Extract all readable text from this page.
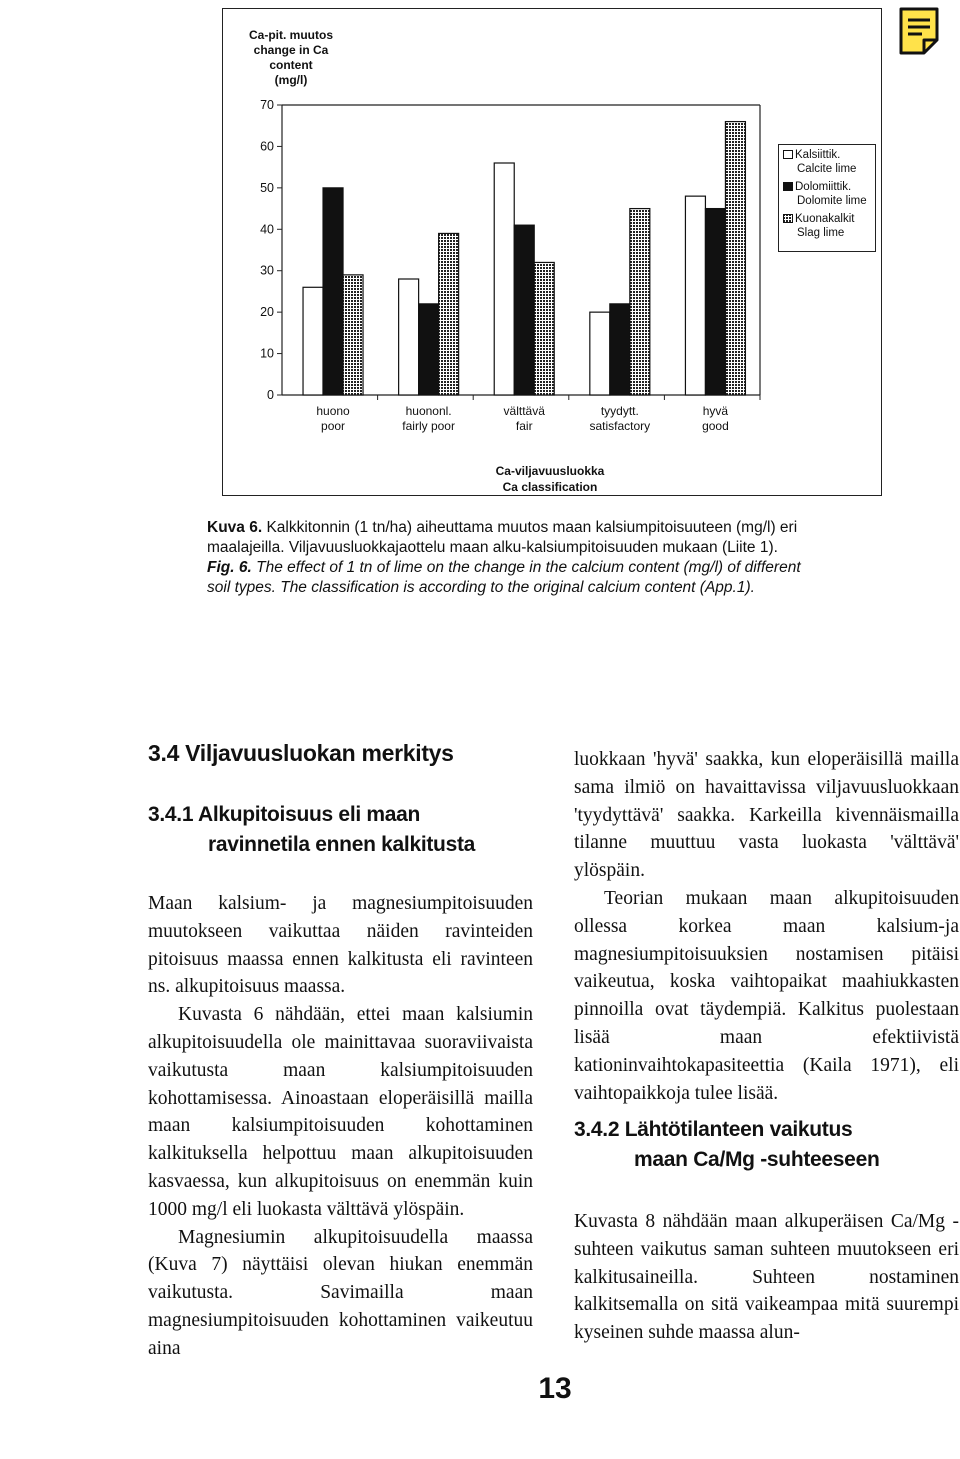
0
10
20
30
40
50
60
70
huono
poor
huononl.
fairly poor
välttävä
fair
tyydytt.
satisfactory
hyvä
good
Ca-pit. muutos
change in Ca
content
(mg/l)
Kalsiittik.
Calcite lime
Dolomiittik.
Dolomite lime
Kuonakalkit
Slag lime
Ca-viljavuusluokka
Ca classification
Kuva 6. Kalkkitonnin (1 tn/ha) aiheuttama muutos maan kalsiumpitoisuuteen (mg/l) eri
maalajeilla. Viljavuusluokkajaottelu maan alku-kalsiumpitoisuuden mukaan (Liite 1).
Fig. 6. The effect of 1 tn of lime on the change in the calcium content (mg/l) of different
soil types. The classification is according to the original calcium content (App.1).
3.4 Viljavuusluokan merkitys
3.4.1 Alkupitoisuus eli maan
ravinnetila ennen kalkitusta
3.4.2 Lähtötilanteen vaikutus
maan Ca/Mg -suhteeseen

Maan kalsium- ja magnesiumpitoisuuden muutokseen vaikuttaa näiden ravinteiden pitoisuus maassa ennen kalkitusta eli ravinteen ns. alkupitoisuus maassa.

Kuvasta 6 nähdään, ettei maan kalsiumin alkupitoisuudella ole mainittavaa suoraviivaista vaikutusta maan kalsiumpitoisuuden kohottamisessa. Ainoastaan eloperäisillä mailla maan kalsiumpitoisuuden kohottaminen kalkituksella helpottuu maan alkupitoisuuden kasvaessa, kun alkupitoisuus on enemmän kuin 1000 mg/l eli luokasta välttävä ylöspäin.

Magnesiumin alkupitoisuudella maassa (Kuva 7) näyttäisi olevan hiukan enemmän vaikutusta. Savimailla maan magnesiumpitoisuuden kohottaminen vaikeutuu aina

luokkaan 'hyvä' saakka, kun eloperäisillä mailla sama ilmiö on havaittavissa viljavuusluokkaan 'tyydyttävä' saakka. Karkeilla kivennäismailla tilanne muuttuu vasta luokasta 'välttävä' ylöspäin.

Teorian mukaan maan alkupitoisuuden ollessa korkea maan kalsium-ja magnesiumpitoisuuksien nostamisen pitäisi vaikeutua, koska vaihtopaikat maahiukkasten pinnoilla ovat täydempiä. Kalkitus puolestaan lisää maan efektiivistä kationinvaihtokapasiteettia (Kaila 1971), eli vaihtopaikkoja tulee lisää.

Kuvasta 8 nähdään maan alkuperäisen Ca/Mg -suhteen vaikutus saman suhteen muutokseen eri kalkitusaineilla. Suhteen nostaminen kalkitsemalla on sitä vaikeampaa mitä suurempi kyseinen suhde maassa alun-

13
